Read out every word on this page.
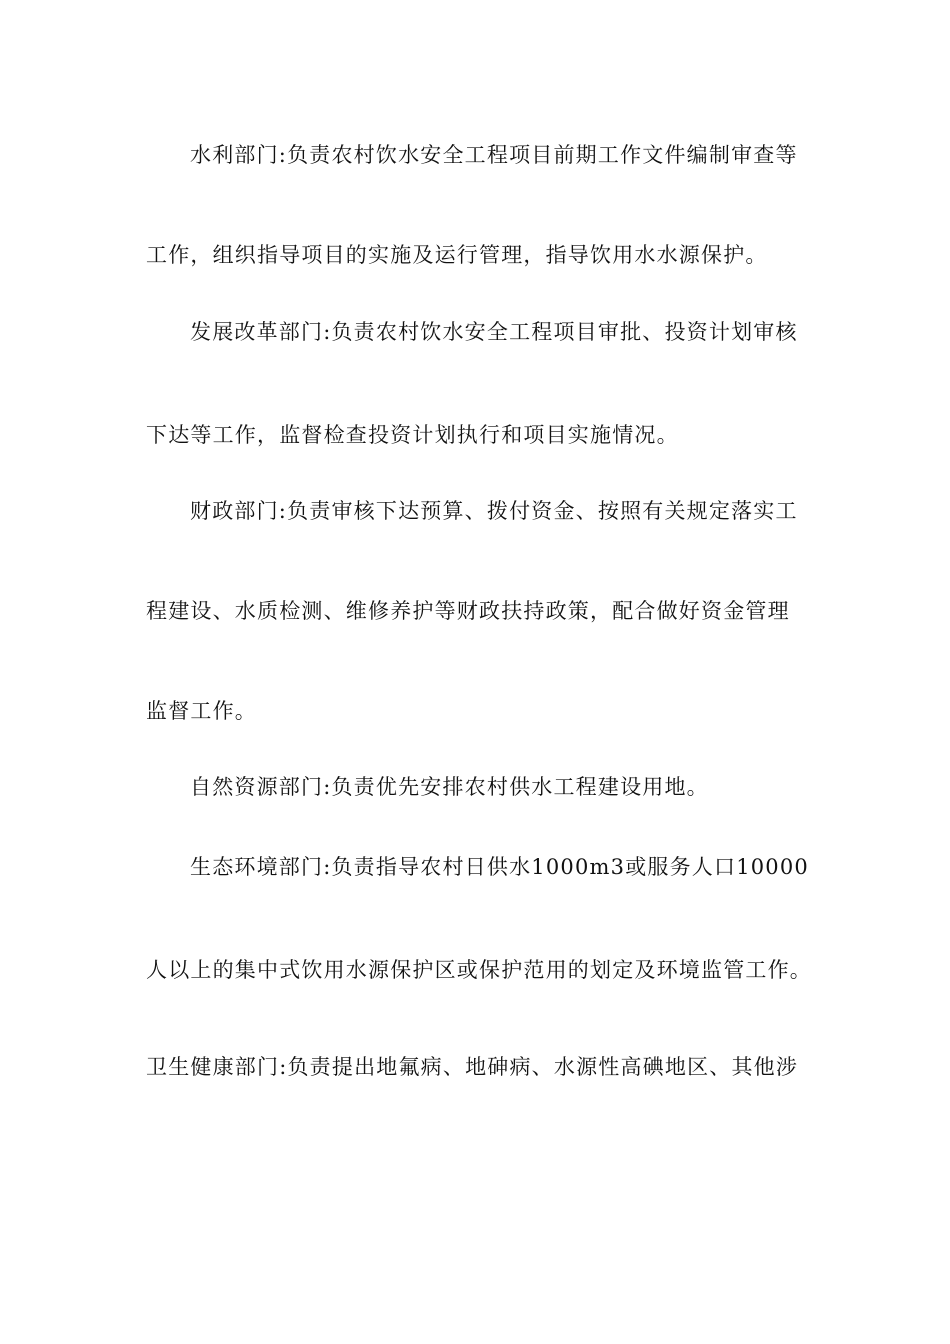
水利部门:负责农村饮水安全工程项目前期工作文件编制审查等
工作，组织指导项目的实施及运行管理，指导饮用水水源保护。
发展改革部门:负责农村饮水安全工程项目审批、投资计划审核
下达等工作，监督检查投资计划执行和项目实施情况。
财政部门:负责审核下达预算、拨付资金、按照有关规定落实工
程建设、水质检测、维修养护等财政扶持政策，配合做好资金管理
监督工作。
自然资源部门:负责优先安排农村供水工程建设用地。
生态环境部门:负责指导农村日供水1000m3或服务人口10000
人以上的集中式饮用水源保护区或保护范用的划定及环境监管工作。
卫生健康部门:负责提出地氟病、地砷病、水源性高碘地区、其他涉
